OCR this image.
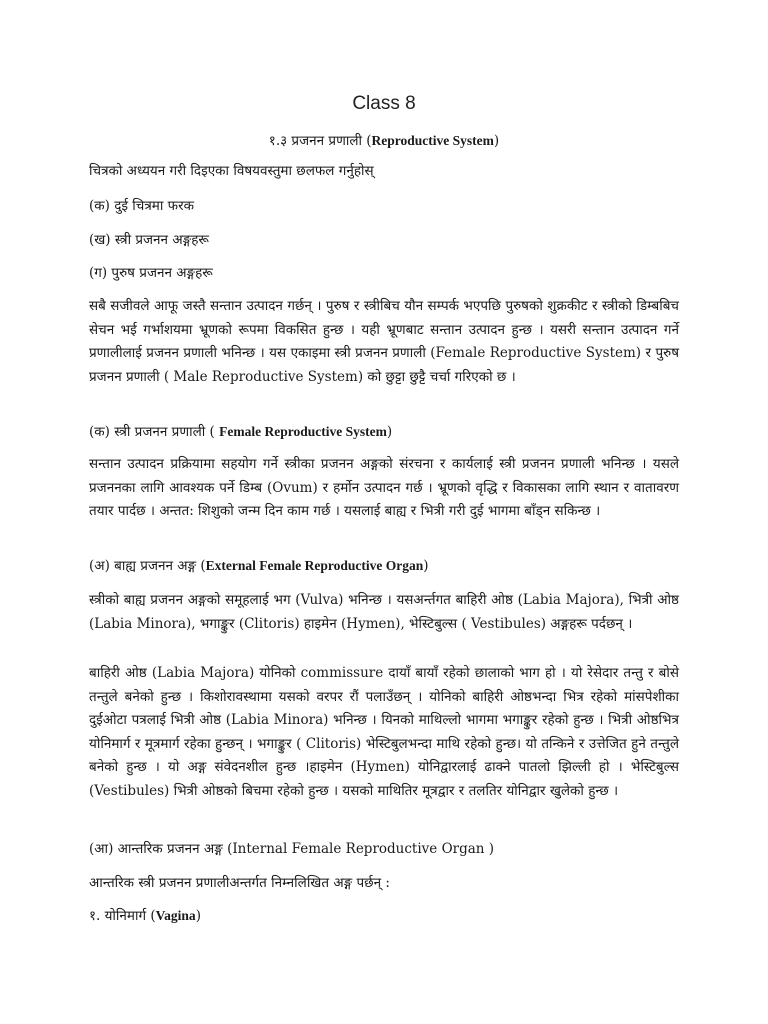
Class 8
१.३ प्रजनन प्रणाली (Reproductive System)
चित्रको अध्ययन गरी दिइएका विषयवस्तुमा छलफल गर्नुहोस्
(क) दुई चित्रमा फरक
(ख) स्त्री प्रजनन अङ्गहरू
(ग) पुरुष प्रजनन अङ्गहरू
सबै सजीवले आफू जस्तै सन्तान उत्पादन गर्छन् । पुरुष र स्त्रीबिच यौन सम्पर्क भएपछि पुरुषको शुक्रकीट र स्त्रीको डिम्बबिच सेचन भई गर्भाशयमा भ्रूणको रूपमा विकसित हुन्छ । यही भ्रूणबाट सन्तान उत्पादन हुन्छ । यसरी सन्तान उत्पादन गर्ने प्रणालीलाई प्रजनन प्रणाली भनिन्छ । यस एकाइमा स्त्री प्रजनन प्रणाली (Female Reproductive System) र पुरुष प्रजनन प्रणाली ( Male Reproductive System) को छुट्टा छुट्टै चर्चा गरिएको छ ।
(क) स्त्री प्रजनन प्रणाली ( Female Reproductive System)
सन्तान उत्पादन प्रक्रियामा सहयोग गर्ने स्त्रीका प्रजनन अङ्गको संरचना र कार्यलाई स्त्री प्रजनन प्रणाली भनिन्छ । यसले प्रजननका लागि आवश्यक पर्ने डिम्ब (Ovum) र हर्मोन उत्पादन गर्छ । भ्रूणको वृद्धि र विकासका लागि स्थान र वातावरण तयार पार्दछ । अन्तत: शिशुको जन्म दिन काम गर्छ । यसलाई बाह्य र भित्री गरी दुई भागमा बाँड्न सकिन्छ ।
(अ) बाह्य प्रजनन अङ्ग (External Female Reproductive Organ)
स्त्रीको बाह्य प्रजनन अङ्गको समूहलाई भग (Vulva) भनिन्छ । यसअर्न्तगत बाहिरी ओष्ठ (Labia Majora), भित्री ओष्ठ (Labia Minora), भगाङ्कुर (Clitoris) हाइमेन (Hymen), भेस्टिबुल्स ( Vestibules) अङ्गहरू पर्दछन् ।
बाहिरी ओष्ठ (Labia Majora) योनिको commissure दायाँ बायाँ रहेको छालाको भाग हो । यो रेसेदार तन्तु र बोसे तन्तुले बनेको हुन्छ । किशोरावस्थामा यसको वरपर रौं पलाउँछन् । योनिको बाहिरी ओष्ठभन्दा भित्र रहेको मांसपेशीका दुईओटा पत्रलाई भित्री ओष्ठ (Labia Minora) भनिन्छ । यिनको माथिल्लो भागमा भगाङ्कुर रहेको हुन्छ । भित्री ओष्ठभित्र योनिमार्ग र मूत्रमार्ग रहेका हुन्छन् । भगाङ्कुर ( Clitoris) भेस्टिबुलभन्दा माथि रहेको हुन्छ। यो तन्किने र उत्तेजित हुने तन्तुले बनेको हुन्छ । यो अङ्ग संवेदनशील हुन्छ ।हाइमेन (Hymen) योनिद्वारलाई ढाक्ने पातलो झिल्ली हो । भेस्टिबुल्स (Vestibules) भित्री ओष्ठको बिचमा रहेको हुन्छ । यसको माथितिर मूत्रद्वार र तलतिर योनिद्वार खुलेको हुन्छ ।
(आ) आन्तरिक प्रजनन अङ्ग (Internal Female Reproductive Organ )
आन्तरिक स्त्री प्रजनन प्रणालीअन्तर्गत निम्नलिखित अङ्ग पर्छन् :
१. योनिमार्ग (Vagina)
